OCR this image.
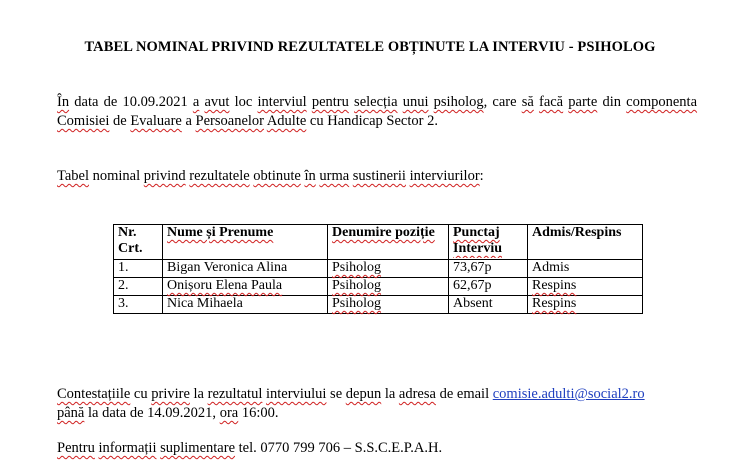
TABEL NOMINAL PRIVIND REZULTATELE OBȚINUTE LA INTERVIU - PSIHOLOG
În data de 10.09.2021 a avut loc interviul pentru selecția unui psiholog, care să facă parte din componenta Comisiei de Evaluare a Persoanelor Adulte cu Handicap Sector 2.
Tabel nominal privind rezultatele obtinute în urma sustinerii interviurilor:
Nr. Crt.	Nume și Prenume	Denumire poziție	Punctaj Interviu	Admis/Respins

1.	Bigan Veronica Alina	Psiholog	73,67p	Admis
2.	Onișoru Elena Paula	Psiholog	62,67p	Respins
3.	Nica Mihaela	Psiholog	Absent	Respins
Contestațiile cu privire la rezultatul interviului se depun la adresa de email comisie.adulti@social2.ro
până la data de 14.09.2021, ora 16:00.
Pentru informații suplimentare tel. 0770 799 706 – S.S.C.E.P.A.H.
